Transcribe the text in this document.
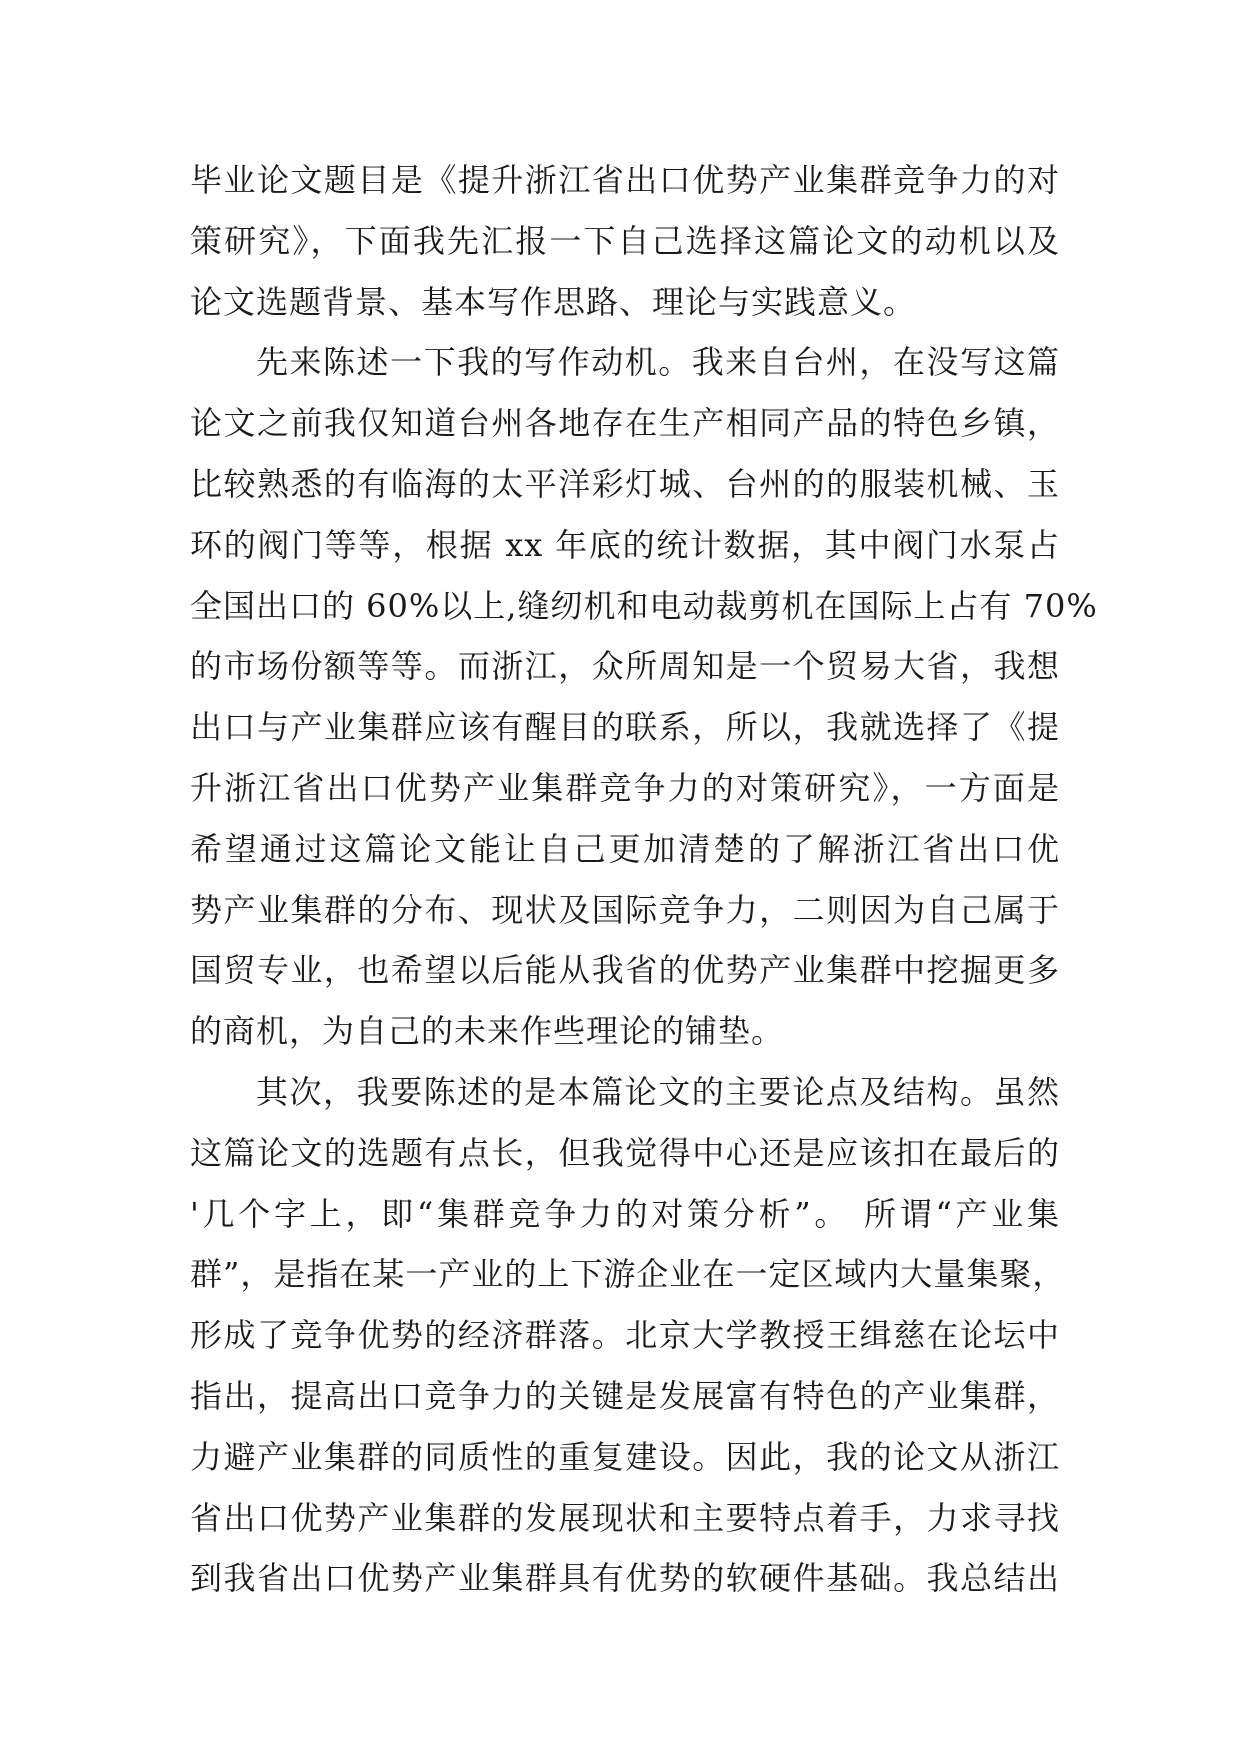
毕业论文题目是《提升浙江省出口优势产业集群竞争力的对
策研究》，下面我先汇报一下自己选择这篇论文的动机以及
论文选题背景、基本写作思路、理论与实践意义。
先来陈述一下我的写作动机。我来自台州，在没写这篇
论文之前我仅知道台州各地存在生产相同产品的特色乡镇，
比较熟悉的有临海的太平洋彩灯城、台州的的服装机械、玉
环的阀门等等，根据 xx 年底的统计数据，其中阀门水泵占
全国出口的 60%以上,缝纫机和电动裁剪机在国际上占有 70%
的市场份额等等。而浙江，众所周知是一个贸易大省，我想
出口与产业集群应该有醒目的联系，所以，我就选择了《提
升浙江省出口优势产业集群竞争力的对策研究》，一方面是
希望通过这篇论文能让自己更加清楚的了解浙江省出口优
势产业集群的分布、现状及国际竞争力，二则因为自己属于
国贸专业，也希望以后能从我省的优势产业集群中挖掘更多
的商机，为自己的未来作些理论的铺垫。
其次，我要陈述的是本篇论文的主要论点及结构。虽然
这篇论文的选题有点长，但我觉得中心还是应该扣在最后的
'几个字上，即“集群竞争力的对策分析”。 所谓“产业集
群”，是指在某一产业的上下游企业在一定区域内大量集聚，
形成了竞争优势的经济群落。北京大学教授王缉慈在论坛中
指出，提高出口竞争力的关键是发展富有特色的产业集群，
力避产业集群的同质性的重复建设。因此，我的论文从浙江
省出口优势产业集群的发展现状和主要特点着手，力求寻找
到我省出口优势产业集群具有优势的软硬件基础。我总结出
